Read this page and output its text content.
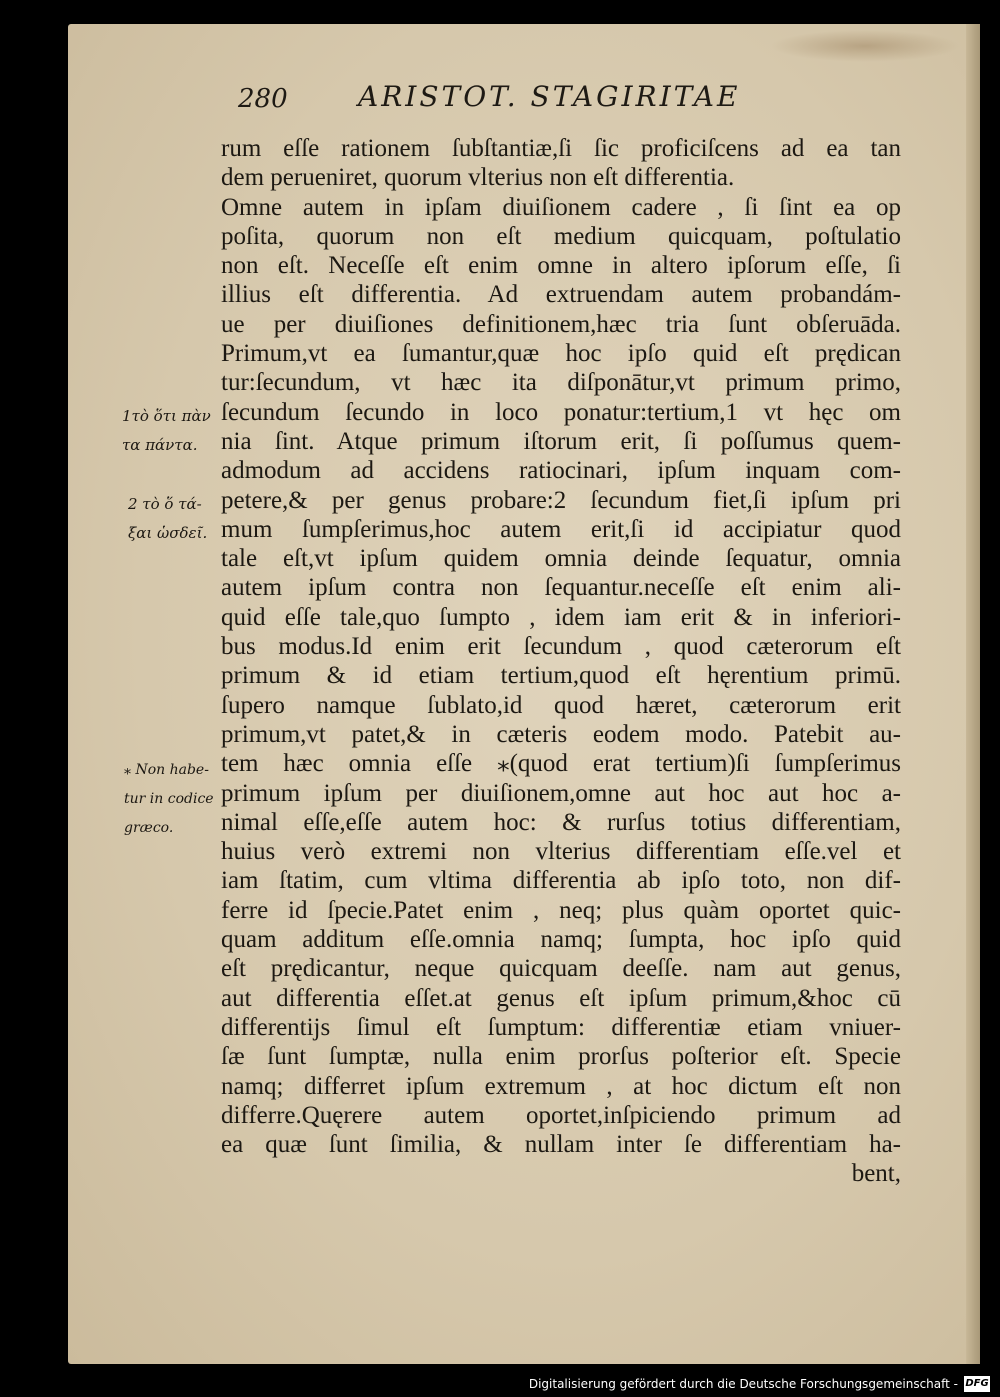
280	ARISTOT. STAGIRITAE
rum eſſe rationem ſubſtantiæ,ſi ſic proficiſcens ad ea tan
dem perueniret, quorum vlterius non eſt differentia.
Omne autem in ipſam diuiſionem cadere , ſi ſint ea op
poſita, quorum non eſt medium quicquam, poſtulatio
non eſt. Neceſſe eſt enim omne in altero ipſorum eſſe, ſi
illius eſt differentia. Ad extruendam autem probandám-
ue per diuiſiones definitionem,hæc tria ſunt obſeruāda.
Primum,vt ea ſumantur,quæ hoc ipſo quid eſt prędican
tur:ſecundum, vt hæc ita diſponātur,vt primum primo,
ſecundum ſecundo in loco ponatur:tertium,1 vt hęc om
nia ſint. Atque primum iſtorum erit, ſi poſſumus quem-
admodum ad accidens ratiocinari, ipſum inquam com-
petere,& per genus probare:2 ſecundum fiet,ſi ipſum pri
mum ſumpſerimus,hoc autem erit,ſi id accipiatur quod
tale eſt,vt ipſum quidem omnia deinde ſequatur, omnia
autem ipſum contra non ſequantur.neceſſe eſt enim ali-
quid eſſe tale,quo ſumpto , idem iam erit & in inferiori-
bus modus.Id enim erit ſecundum , quod cæterorum eſt
primum & id etiam tertium,quod eſt hęrentium primū.
ſupero namque ſublato,id quod hæret, cæterorum erit
primum,vt patet,& in cæteris eodem modo. Patebit au-
tem hæc omnia eſſe ⁎(quod erat tertium)ſi ſumpſerimus
primum ipſum per diuiſionem,omne aut hoc aut hoc a-
nimal eſſe,eſſe autem hoc: & rurſus totius differentiam,
huius verò extremi non vlterius differentiam eſſe.vel et
iam ſtatim, cum vltima differentia ab ipſo toto, non dif-
ferre id ſpecie.Patet enim , neq; plus quàm oportet quic-
quam additum eſſe.omnia namq; ſumpta, hoc ipſo quid
eſt prędicantur, neque quicquam deeſſe. nam aut genus,
aut differentia eſſet.at genus eſt ipſum primum,&hoc cū
differentijs ſimul eſt ſumptum: differentiæ etiam vniuer-
ſæ ſunt ſumptæ, nulla enim prorſus poſterior eſt. Specie
namq; differret ipſum extremum , at hoc dictum eſt non
differre.Quęrere autem oportet,inſpiciendo primum ad
ea quæ ſunt ſimilia, & nullam inter ſe differentiam ha-
bent,
1τὸ ὅτι πὰν
τα πάντα.
2 τὸ ὅ τά-
ξαι ὡσδεῖ.
⁎ Non habe-
tur in codice
græco.
Digitalisierung gefördert durch die Deutsche Forschungsgemeinschaft - DFG
